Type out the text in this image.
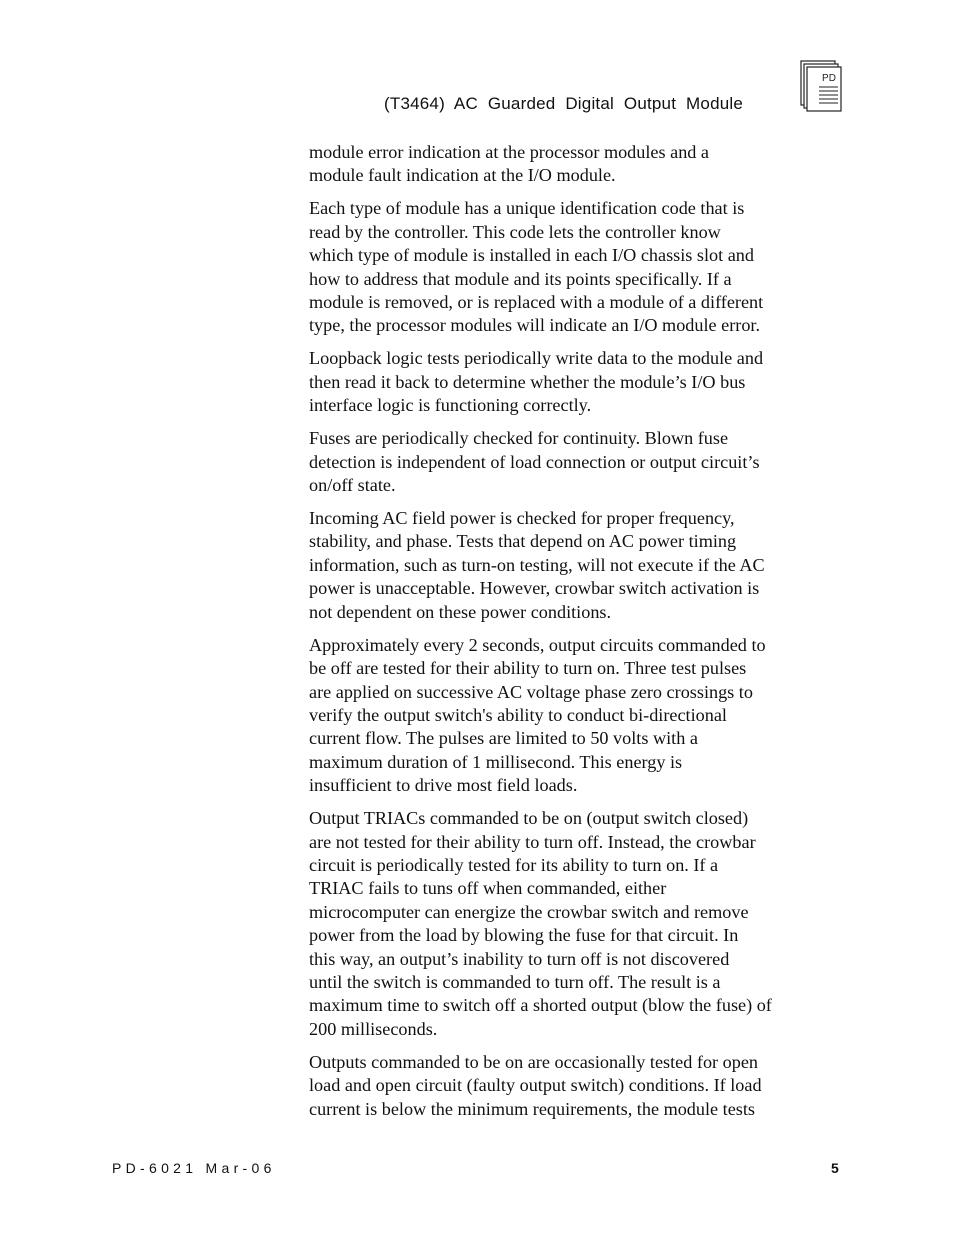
(T3464) AC Guarded Digital Output Module
PD
module error indication at the processor modules and a
module fault indication at the I/O module.
Each type of module has a unique identification code that is
read by the controller. This code lets the controller know
which type of module is installed in each I/O chassis slot and
how to address that module and its points specifically. If a
module is removed, or is replaced with a module of a different
type, the processor modules will indicate an I/O module error.
Loopback logic tests periodically write data to the module and
then read it back to determine whether the module’s I/O bus
interface logic is functioning correctly.
Fuses are periodically checked for continuity. Blown fuse
detection is independent of load connection or output circuit’s
on/off state.
Incoming AC field power is checked for proper frequency,
stability, and phase. Tests that depend on AC power timing
information, such as turn-on testing, will not execute if the AC
power is unacceptable. However, crowbar switch activation is
not dependent on these power conditions.
Approximately every 2 seconds, output circuits commanded to
be off are tested for their ability to turn on. Three test pulses
are applied on successive AC voltage phase zero crossings to
verify the output switch's ability to conduct bi-directional
current flow. The pulses are limited to 50 volts with a
maximum duration of 1 millisecond. This energy is
insufficient to drive most field loads.
Output TRIACs commanded to be on (output switch closed)
are not tested for their ability to turn off. Instead, the crowbar
circuit is periodically tested for its ability to turn on. If a
TRIAC fails to tuns off when commanded, either
microcomputer can energize the crowbar switch and remove
power from the load by blowing the fuse for that circuit. In
this way, an output’s inability to turn off is not discovered
until the switch is commanded to turn off. The result is a
maximum time to switch off a shorted output (blow the fuse) of
200 milliseconds.
Outputs commanded to be on are occasionally tested for open
load and open circuit (faulty output switch) conditions. If load
current is below the minimum requirements, the module tests
PD-6021 Mar-06	5
